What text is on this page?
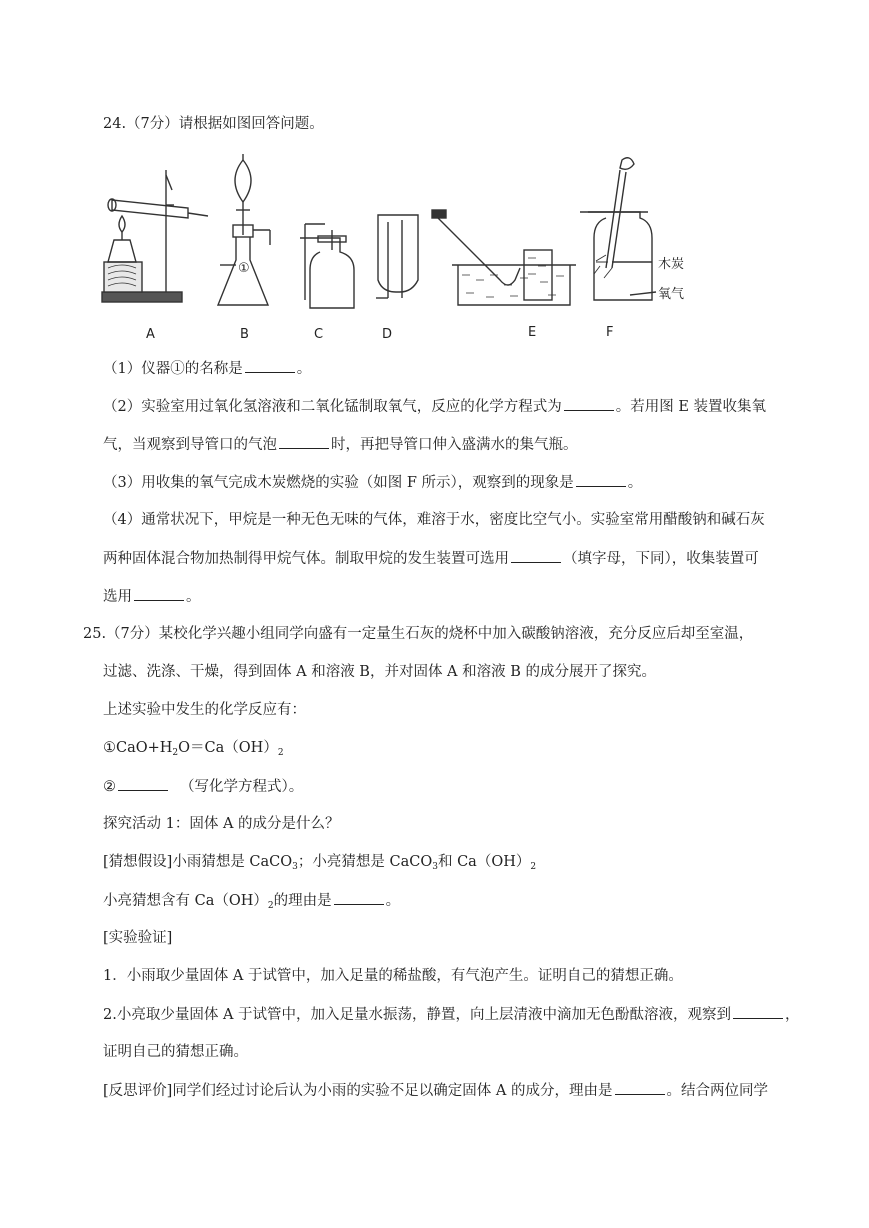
24.（7分）请根据如图回答问题。
①	木炭
氧气
A	B	C	D	E	F
（1）仪器①的名称是	。
（2）实验室用过氧化氢溶液和二氧化锰制取氧气，反应的化学方程式为	。若用图 E 装置收集氧
气，当观察到导管口的气泡	时，再把导管口伸入盛满水的集气瓶。
（3）用收集的氧气完成木炭燃烧的实验（如图 F 所示），观察到的现象是	。
（4）通常状况下，甲烷是一种无色无味的气体，难溶于水，密度比空气小。实验室常用醋酸钠和碱石灰
两种固体混合物加热制得甲烷气体。制取甲烷的发生装置可选用	（填字母，下同），收集装置可
选用	。
25.（7分）某校化学兴趣小组同学向盛有一定量生石灰的烧杯中加入碳酸钠溶液，充分反应后却至室温，
过滤、洗涤、干燥，得到固体 A 和溶液 B，并对固体 A 和溶液 B 的成分展开了探究。
上述实验中发生的化学反应有：
$①CaO+H_2O=Ca(OH)_2$
②	（写化学方程式）。
探究活动 1：固体 A 的成分是什么？
[猜想假设]小雨猜想是 CaCO$_3$；小亮猜想是 CaCO$_3$和 $Ca(OH)_2$
小亮猜想含有 $Ca(OH)_2$的理由是	。
[实验验证]
1．小雨取少量固体 A 于试管中，加入足量的稀盐酸，有气泡产生。证明自己的猜想正确。
2.小亮取少量固体 A 于试管中，加入足量水振荡，静置，向上层清液中滴加无色酚酞溶液，观察到	，
证明自己的猜想正确。
[反思评价]同学们经过讨论后认为小雨的实验不足以确定固体 A 的成分，理由是	。结合两位同学
